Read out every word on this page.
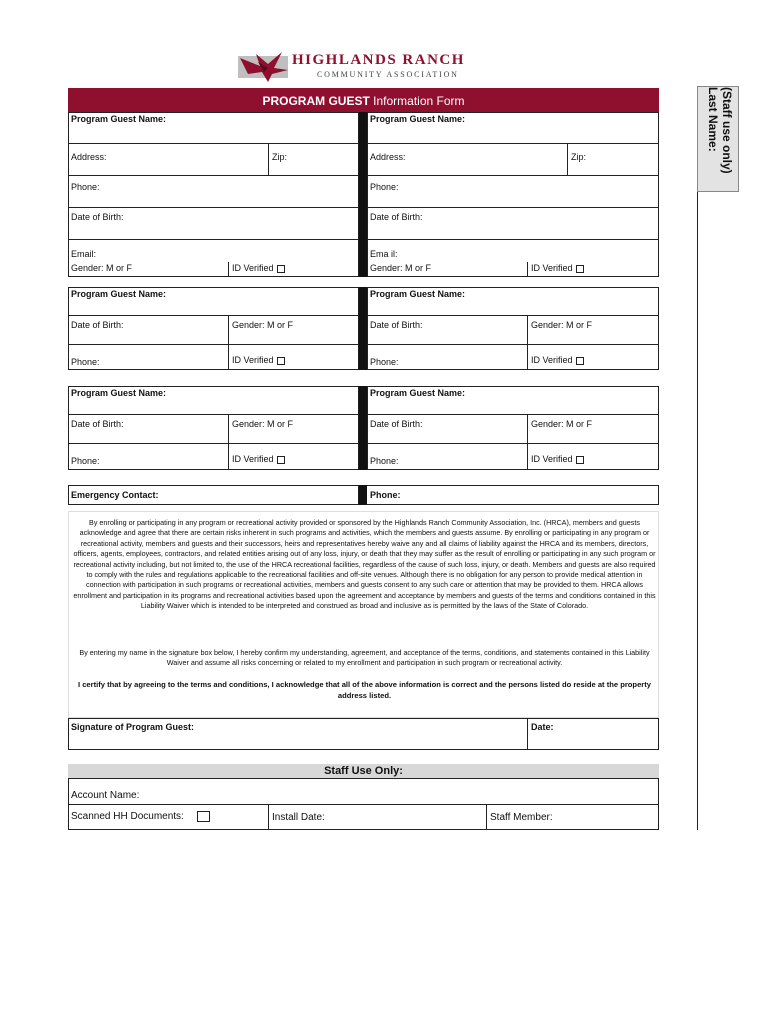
HIGHLANDS RANCH
COMMUNITY ASSOCIATION
(Staff use only)
Last Name:
PROGRAM GUEST Information Form
Program Guest Name:
Address:	Zip:
Phone:
Date of Birth:
Email:
Gender: M or F	ID Verified
Program Guest Name:
Address:	Zip:
Phone:
Date of Birth:
Ema il:
Gender: M or F	ID Verified
Program Guest Name:
Date of Birth:	Gender: M or F
Phone:	ID Verified
Program Guest Name:
Date of Birth:	Gender: M or F
Phone:	ID Verified
Program Guest Name:
Date of Birth:	Gender: M or F
Phone:	ID Verified
Program Guest Name:
Date of Birth:	Gender: M or F
Phone:	ID Verified
Emergency Contact:	Phone:
By enrolling or participating in any program or recreational activity provided or sponsored by the Highlands Ranch Community Association, Inc. (HRCA), members and guests acknowledge and agree that there are certain risks inherent in such programs and activities, which the members and guests assume. By enrolling or participating in any program or recreational activity, members and guests and their successors, heirs and representatives hereby waive any and all claims of liability against the HRCA and its members, directors, officers, agents, employees, contractors, and related entities arising out of any loss, injury, or death that they may suffer as the result of enrolling or participating in any such program or recreational activity including, but not limited to, the use of the HRCA recreational facilities, regardless of the cause of such loss, injury, or death. Members and guests are also required to comply with the rules and regulations applicable to the recreational facilities and off-site venues. Although there is no obligation for any person to provide medical attention in connection with participation in such programs or recreational activities, members and guests consent to any such care or attention that may be provided to them. HRCA allows enrollment and participation in its programs and recreational activities based upon the agreement and acceptance by members and guests of the terms and conditions contained in this Liability Waiver which is intended to be interpreted and construed as broad and inclusive as is permitted by the laws of the State of Colorado.
By entering my name in the signature box below, I hereby confirm my understanding, agreement, and acceptance of the terms, conditions, and statements contained in this Liability Waiver and assume all risks concerning or related to my enrollment and participation in such program or recreational activity.
I certify that by agreeing to the terms and conditions, I acknowledge that all of the above information is correct and the persons listed do reside at the property address listed.
Signature of Program Guest:	Date:
Staff Use Only:
Account Name:
Scanned HH Documents:	Install Date:	Staff Member:
